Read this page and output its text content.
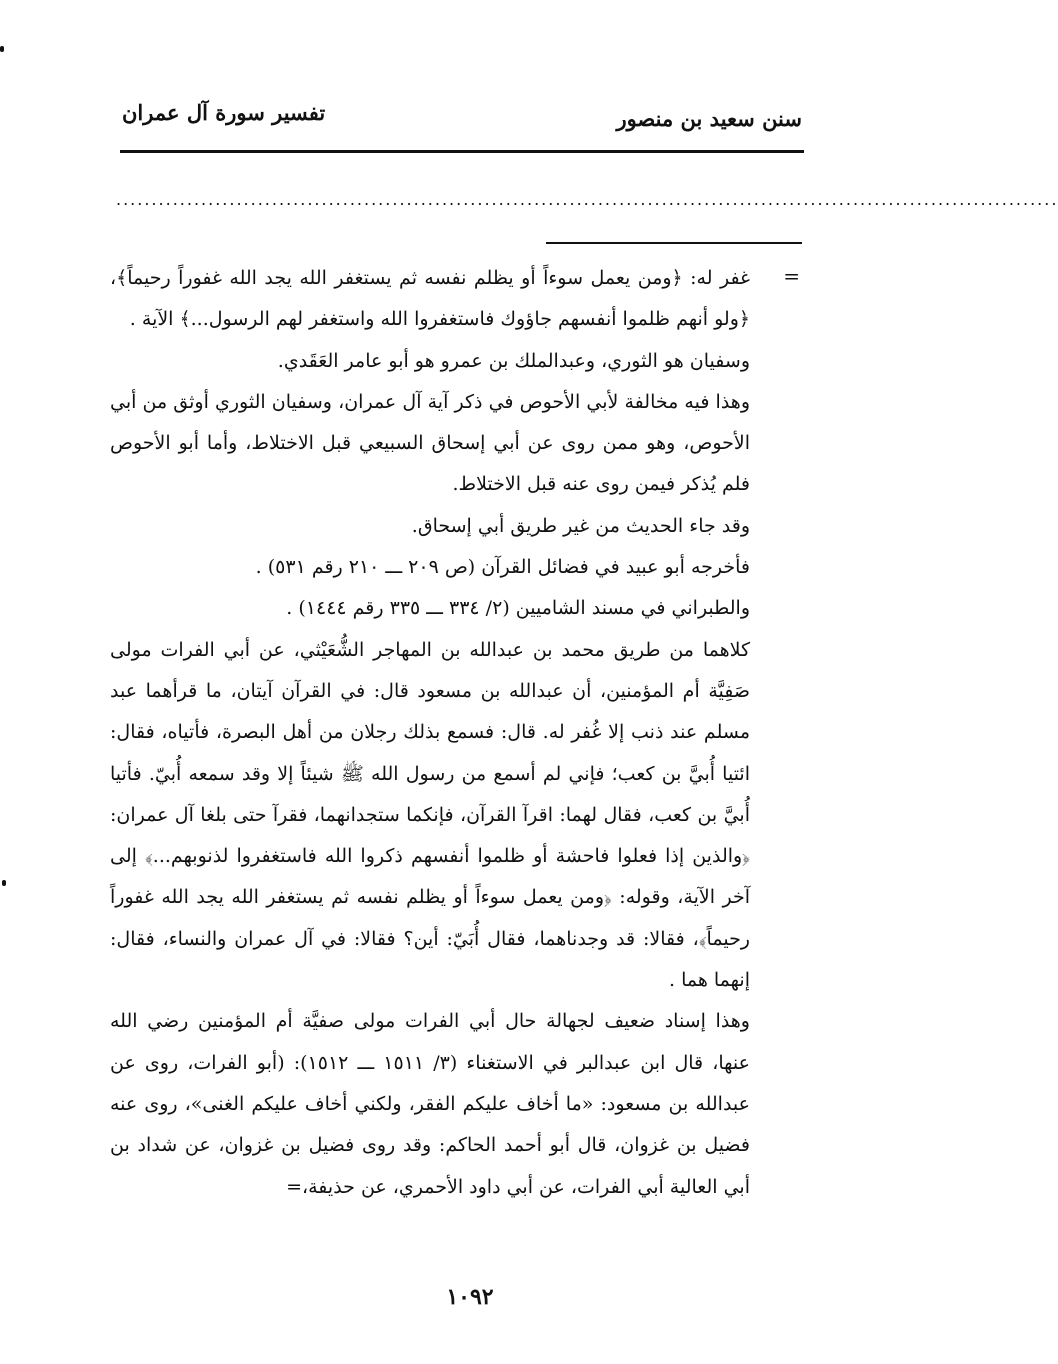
سنن سعيد بن منصور
تفسير سورة آل عمران
.....................................................................................................................................
=

غفر له: ﴿ومن يعمل سوءاً أو يظلم نفسه ثم يستغفر الله يجد الله غفوراً رحيماً﴾، ﴿ولو أنهم ظلموا أنفسهم جاؤوك فاستغفروا الله واستغفر لهم الرسول...﴾ الآية .

وسفيان هو الثوري، وعبدالملك بن عمرو هو أبو عامر العَقَدي.

وهذا فيه مخالفة لأبي الأحوص في ذكر آية آل عمران، وسفيان الثوري أوثق من أبي الأحوص، وهو ممن روى عن أبي إسحاق السبيعي قبل الاختلاط، وأما أبو الأحوص فلم يُذكر فيمن روى عنه قبل الاختلاط.

وقد جاء الحديث من غير طريق أبي إسحاق.

فأخرجه أبو عبيد في فضائل القرآن (ص ٢٠٩ ـــ ٢١٠ رقم ٥٣١) .

والطبراني في مسند الشاميين (٢/ ٣٣٤ ـــ ٣٣٥ رقم ١٤٤٤) .

كلاهما من طريق محمد بن عبدالله بن المهاجر الشُّعَيْثي، عن أبي الفرات مولى صَفِيَّة أم المؤمنين، أن عبدالله بن مسعود قال: في القرآن آيتان، ما قرأهما عبد مسلم عند ذنب إلا غُفر له. قال: فسمع بذلك رجلان من أهل البصرة، فأتياه، فقال: ائتيا أُبيَّ بن كعب؛ فإني لم أسمع من رسول الله ﷺ شيئاً إلا وقد سمعه أُبيّ. فأتيا أُبيَّ بن كعب، فقال لهما: اقرآ القرآن، فإنكما ستجدانهما، فقرآ حتى بلغا آل عمران: ﴿والذين إذا فعلوا فاحشة أو ظلموا أنفسهم ذكروا الله فاستغفروا لذنوبهم...﴾ إلى آخر الآية، وقوله: ﴿ومن يعمل سوءاً أو يظلم نفسه ثم يستغفر الله يجد الله غفوراً رحيماً﴾، فقالا: قد وجدناهما، فقال أُبَيّ: أين؟ فقالا: في آل عمران والنساء، فقال: إنهما هما .

وهذا إسناد ضعيف لجهالة حال أبي الفرات مولى صفيَّة أم المؤمنين رضي الله عنها، قال ابن عبدالبر في الاستغناء (٣/ ١٥١١ ـــ ١٥١٢): (أبو الفرات، روى عن عبدالله بن مسعود: «ما أخاف عليكم الفقر، ولكني أخاف عليكم الغنى»، روى عنه فضيل بن غزوان، قال أبو أحمد الحاكم: وقد روى فضيل بن غزوان، عن شداد بن أبي العالية أبي الفرات، عن أبي داود الأحمري، عن حذيفة،=

١٠٩٢
